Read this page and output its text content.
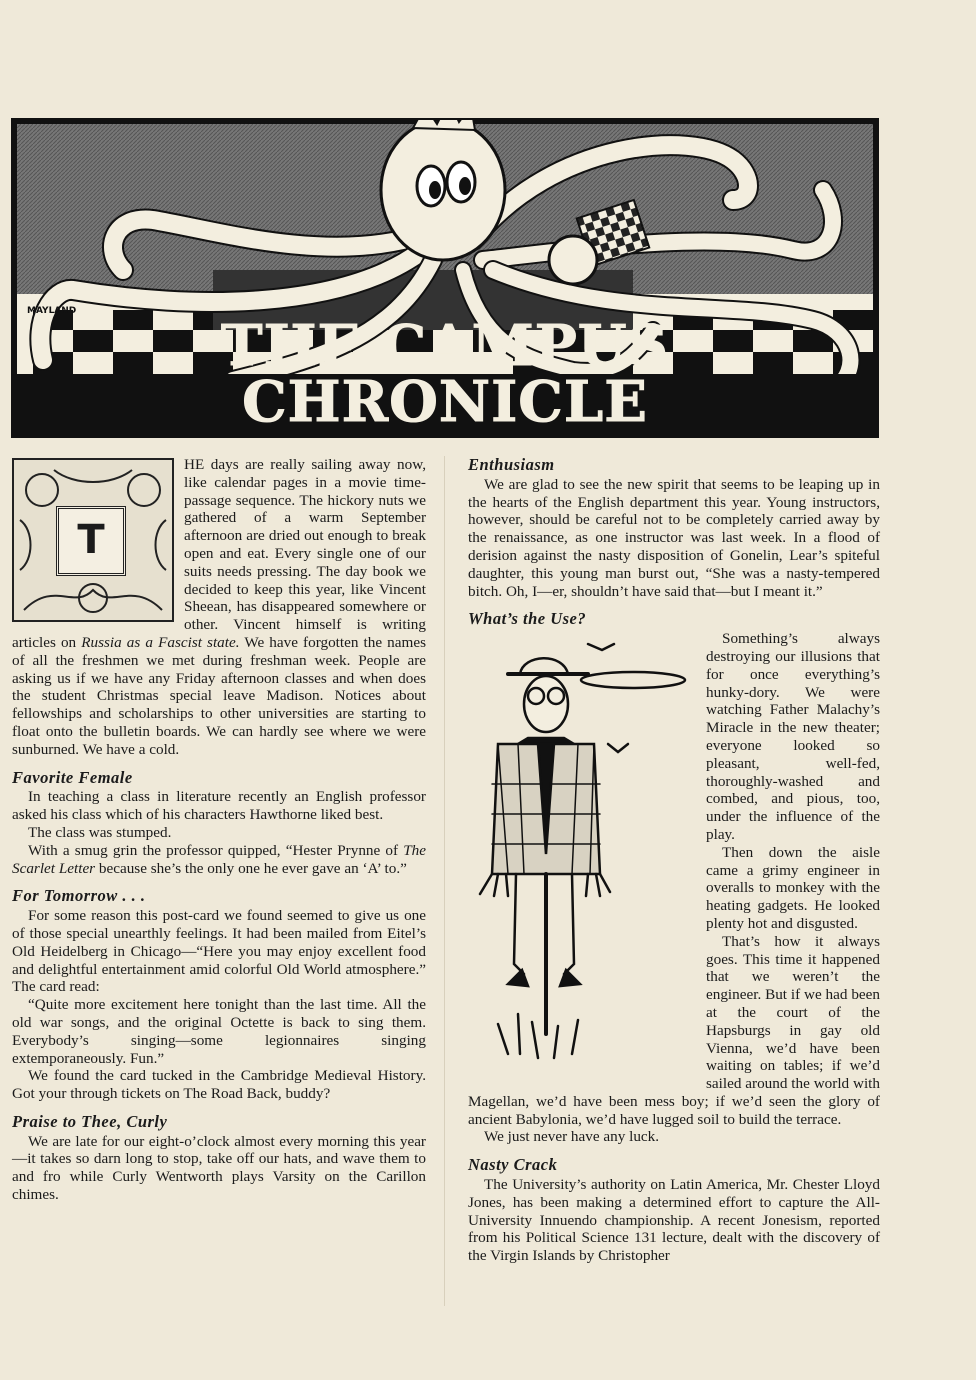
MAYLAND
THE CAMPUS CHRONICLE
T

HE days are really sailing away now, like calendar pages in a movie time-passage sequence. The hickory nuts we gathered of a warm September afternoon are dried out enough to break open and eat. Every single one of our suits needs pressing. The day book we decided to keep this year, like Vincent Sheean, has disappeared somewhere or other. Vincent himself is writing articles on Russia as a Fascist state. We have forgotten the names of all the freshmen we met during freshman week. People are asking us if we have any Friday afternoon classes and when does the student Christmas special leave Madison. Notices about fellowships and scholarships to other universities are starting to float onto the bulletin boards. We can hardly see where we were sunburned. We have a cold.

Favorite Female

In teaching a class in literature recently an English professor asked his class which of his characters Hawthorne liked best.

The class was stumped.

With a smug grin the professor quipped, “Hester Prynne of The Scarlet Letter because she’s the only one he ever gave an ‘A’ to.”

For Tomorrow . . .

For some reason this post-card we found seemed to give us one of those special unearthly feelings. It had been mailed from Eitel’s Old Heidelberg in Chicago—“Here you may enjoy excellent food and delightful entertainment amid colorful Old World atmosphere.” The card read:

“Quite more excitement here tonight than the last time. All the old war songs, and the original Octette is back to sing them. Everybody’s singing—some legionnaires singing extemporaneously. Fun.”

We found the card tucked in the Cambridge Medieval History. Got your through tickets on The Road Back, buddy?

Praise to Thee, Curly

We are late for our eight-o’clock almost every morning this year—it takes so darn long to stop, take off our hats, and wave them to and fro while Curly Wentworth plays Varsity on the Carillon chimes.

Enthusiasm

We are glad to see the new spirit that seems to be leaping up in the hearts of the English department this year. Young instructors, however, should be careful not to be completely carried away by the renaissance, as one instructor was last week. In a flood of derision against the nasty disposition of Gonelin, Lear’s spiteful daughter, this young man burst out, “She was a nasty-tempered bitch. Oh, I—er, shouldn’t have said that—but I meant it.”

What’s the Use?

Something’s always destroying our illusions that for once everything’s hunky-dory. We were watching Father Malachy’s Miracle in the new theater; everyone looked so pleasant, well-fed, thoroughly-washed and combed, and pious, too, under the influence of the play.

Then down the aisle came a grimy engineer in overalls to monkey with the heating gadgets. He looked plenty hot and disgusted.

That’s how it always goes. This time it happened that we weren’t the engineer. But if we had been at the court of the Hapsburgs in gay old Vienna, we’d have been waiting on tables; if we’d sailed around the world with Magellan, we’d have been mess boy; if we’d seen the glory of ancient Babylonia, we’d have lugged soil to build the terrace.

We just never have any luck.

Nasty Crack

The University’s authority on Latin America, Mr. Chester Lloyd Jones, has been making a determined effort to capture the All-University Innuendo championship. A recent Jonesism, reported from his Political Science 131 lecture, dealt with the discovery of the Virgin Islands by Christopher
